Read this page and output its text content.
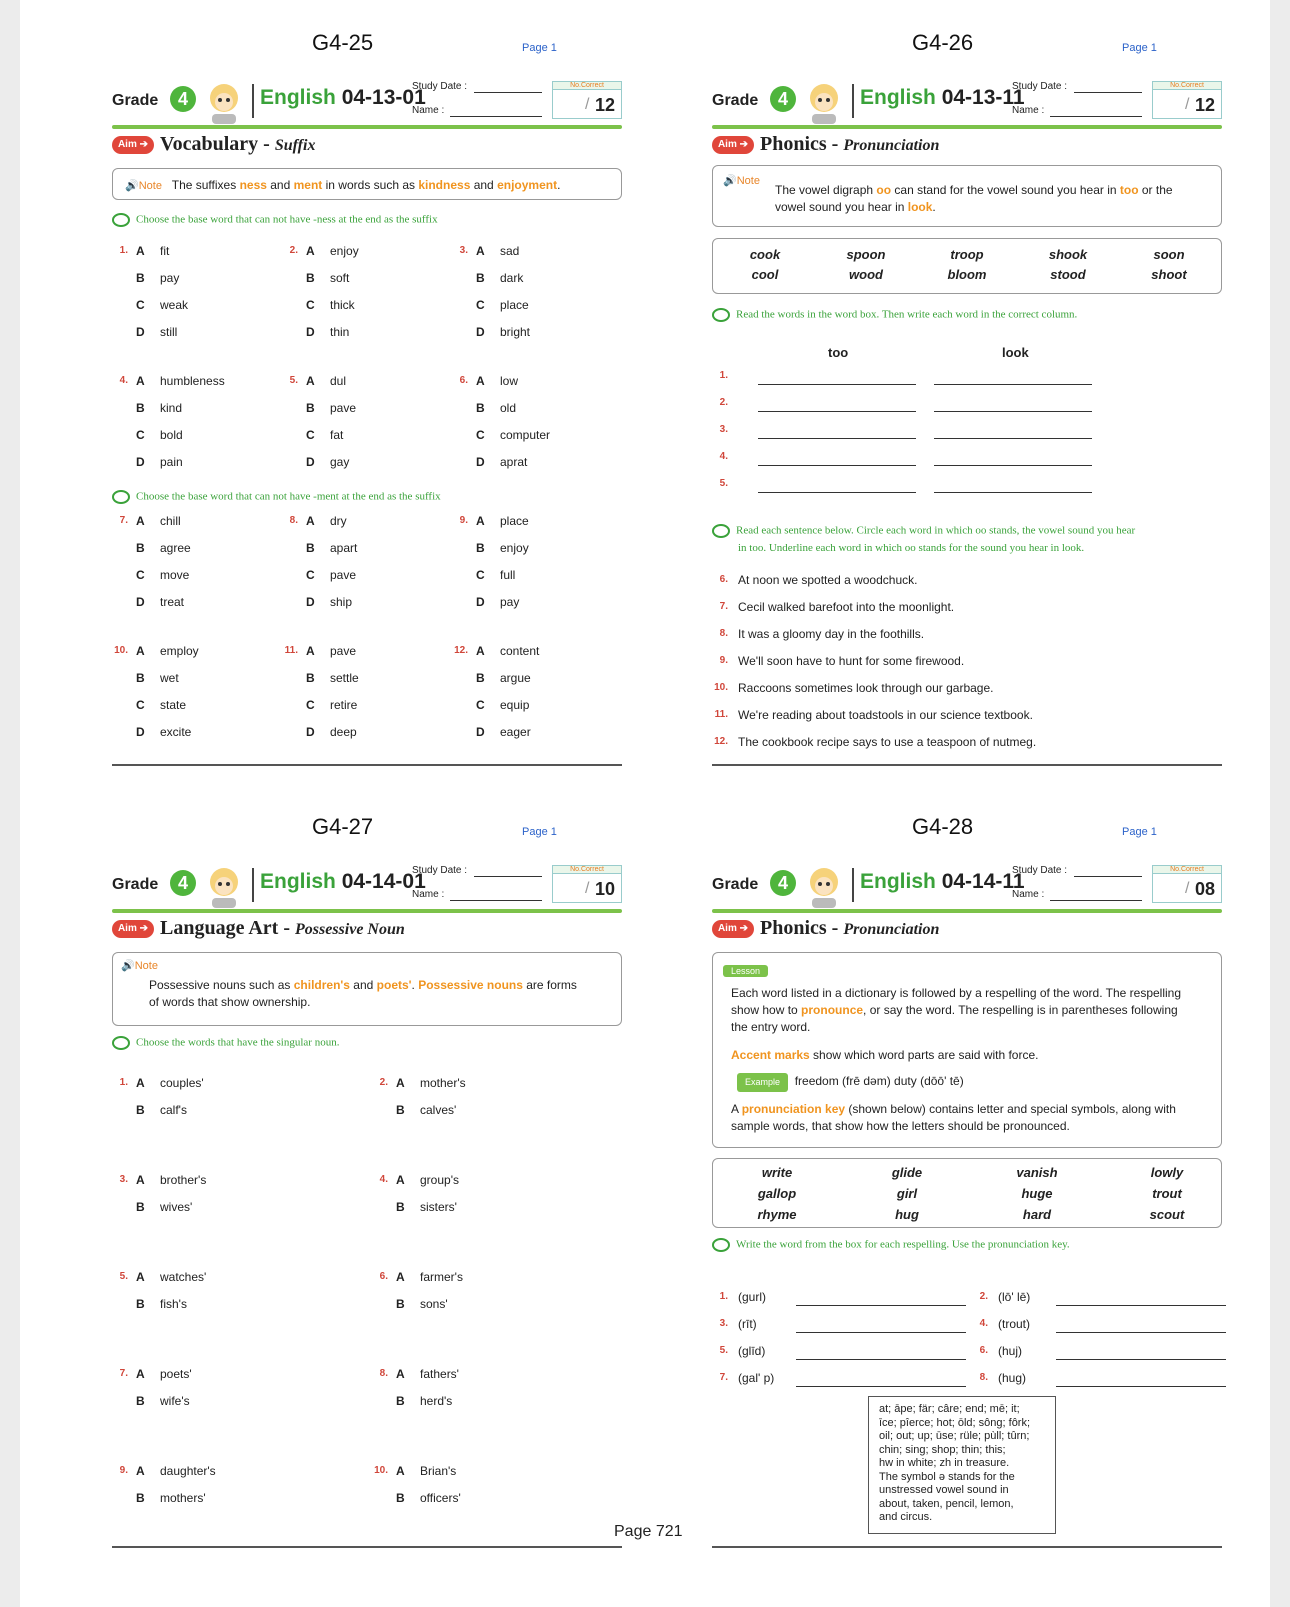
G4-25	Page 1
Grade	4	English 04-13-01
Study Date :
Name :
No.Correct
/ 12
Aim ➔ Vocabulary - Suffix
🔊Note The suffixes ness and ment in words such as kindness and enjoyment.
Choose the base word that can not have -ness at the end as the suffix
Choose the base word that can not have -ment at the end as the suffix
1. A fit
B pay
C weak
D still
2. A enjoy
B soft
C thick
D thin
3. A sad
B dark
C place
D bright
4. A humbleness
B kind
C bold
D pain
5. A dul
B pave
C fat
D gay
6. A low
B old
C computer
D aprat
7. A chill
B agree
C move
D treat
8. A dry
B apart
C pave
D ship
9. A place
B enjoy
C full
D pay
10. A employ
B wet
C state
D excite
11. A pave
B settle
C retire
D deep
12. A content
B argue
C equip
D eager
G4-26	Page 1
Grade	4	English 04-13-11
Study Date :
Name :
No.Correct
/ 12
Aim ➔ Phonics - Pronunciation
🔊Note
The vowel digraph oo can stand for the vowel sound you hear in too or the vowel sound you hear in look.
cook	spoon	troop	shook	soon
cool	wood	bloom	stood	shoot
Read the words in the word box. Then write each word in the correct column.
too	look
1.
2.
3.
4.
5.
Read each sentence below. Circle each word in which oo stands, the vowel sound you hear
in too. Underline each word in which oo stands for the sound you hear in look.
6. At noon we spotted a woodchuck.
7. Cecil walked barefoot into the moonlight.
8. It was a gloomy day in the foothills.
9. We'll soon have to hunt for some firewood.
10. Raccoons sometimes look through our garbage.
11. We're reading about toadstools in our science textbook.
12. The cookbook recipe says to use a teaspoon of nutmeg.
G4-27	Page 1
Grade	4	English 04-14-01
Study Date :
Name :
No.Correct
/ 10
Aim ➔ Language Art - Possessive Noun
🔊Note
Possessive nouns such as children's and poets'. Possessive nouns are forms
of words that show ownership.
Choose the words that have the singular noun.
1. A couples'
B calf's
2. A mother's
B calves'
3. A brother's
B wives'
4. A group's
B sisters'
5. A watches'
B fish's
6. A farmer's
B sons'
7. A poets'
B wife's
8. A fathers'
B herd's
9. A daughter's
B mothers'
10. A Brian's
B officers'
G4-28	Page 1
Grade	4	English 04-14-11
Study Date :
Name :
No.Correct
/ 08
Aim ➔ Phonics - Pronunciation
Lesson
Each word listed in a dictionary is followed by a respelling of the word. The respelling
show how to pronounce, or say the word. The respelling is in parentheses following
the entry word.
Accent marks show which word parts are said with force.
Example freedom (frē dəm) duty (dōō' tē)
A pronunciation key (shown below) contains letter and special symbols, along with
sample words, that show how the letters should be pronounced.
write	glide	vanish	lowly
gallop	girl	huge	trout
rhyme	hug	hard	scout
Write the word from the box for each respelling. Use the pronunciation key.
1. (gurl)	2. (lō' lē)
3. (rīt)	4. (trout)
5. (glīd)	6. (huj)
7. (gal' p)	8. (hug)
at; āpe; fär; câre; end; mē; it;
īce; pîerce; hot; ōld; sông; fôrk;
oil; out; up; ūse; rüle; pùll; tûrn;
chin; sing; shop; thin; this;
hw in white; zh in treasure.
The symbol ə stands for the
unstressed vowel sound in
about, taken, pencil, lemon,
and circus.
Page 721
